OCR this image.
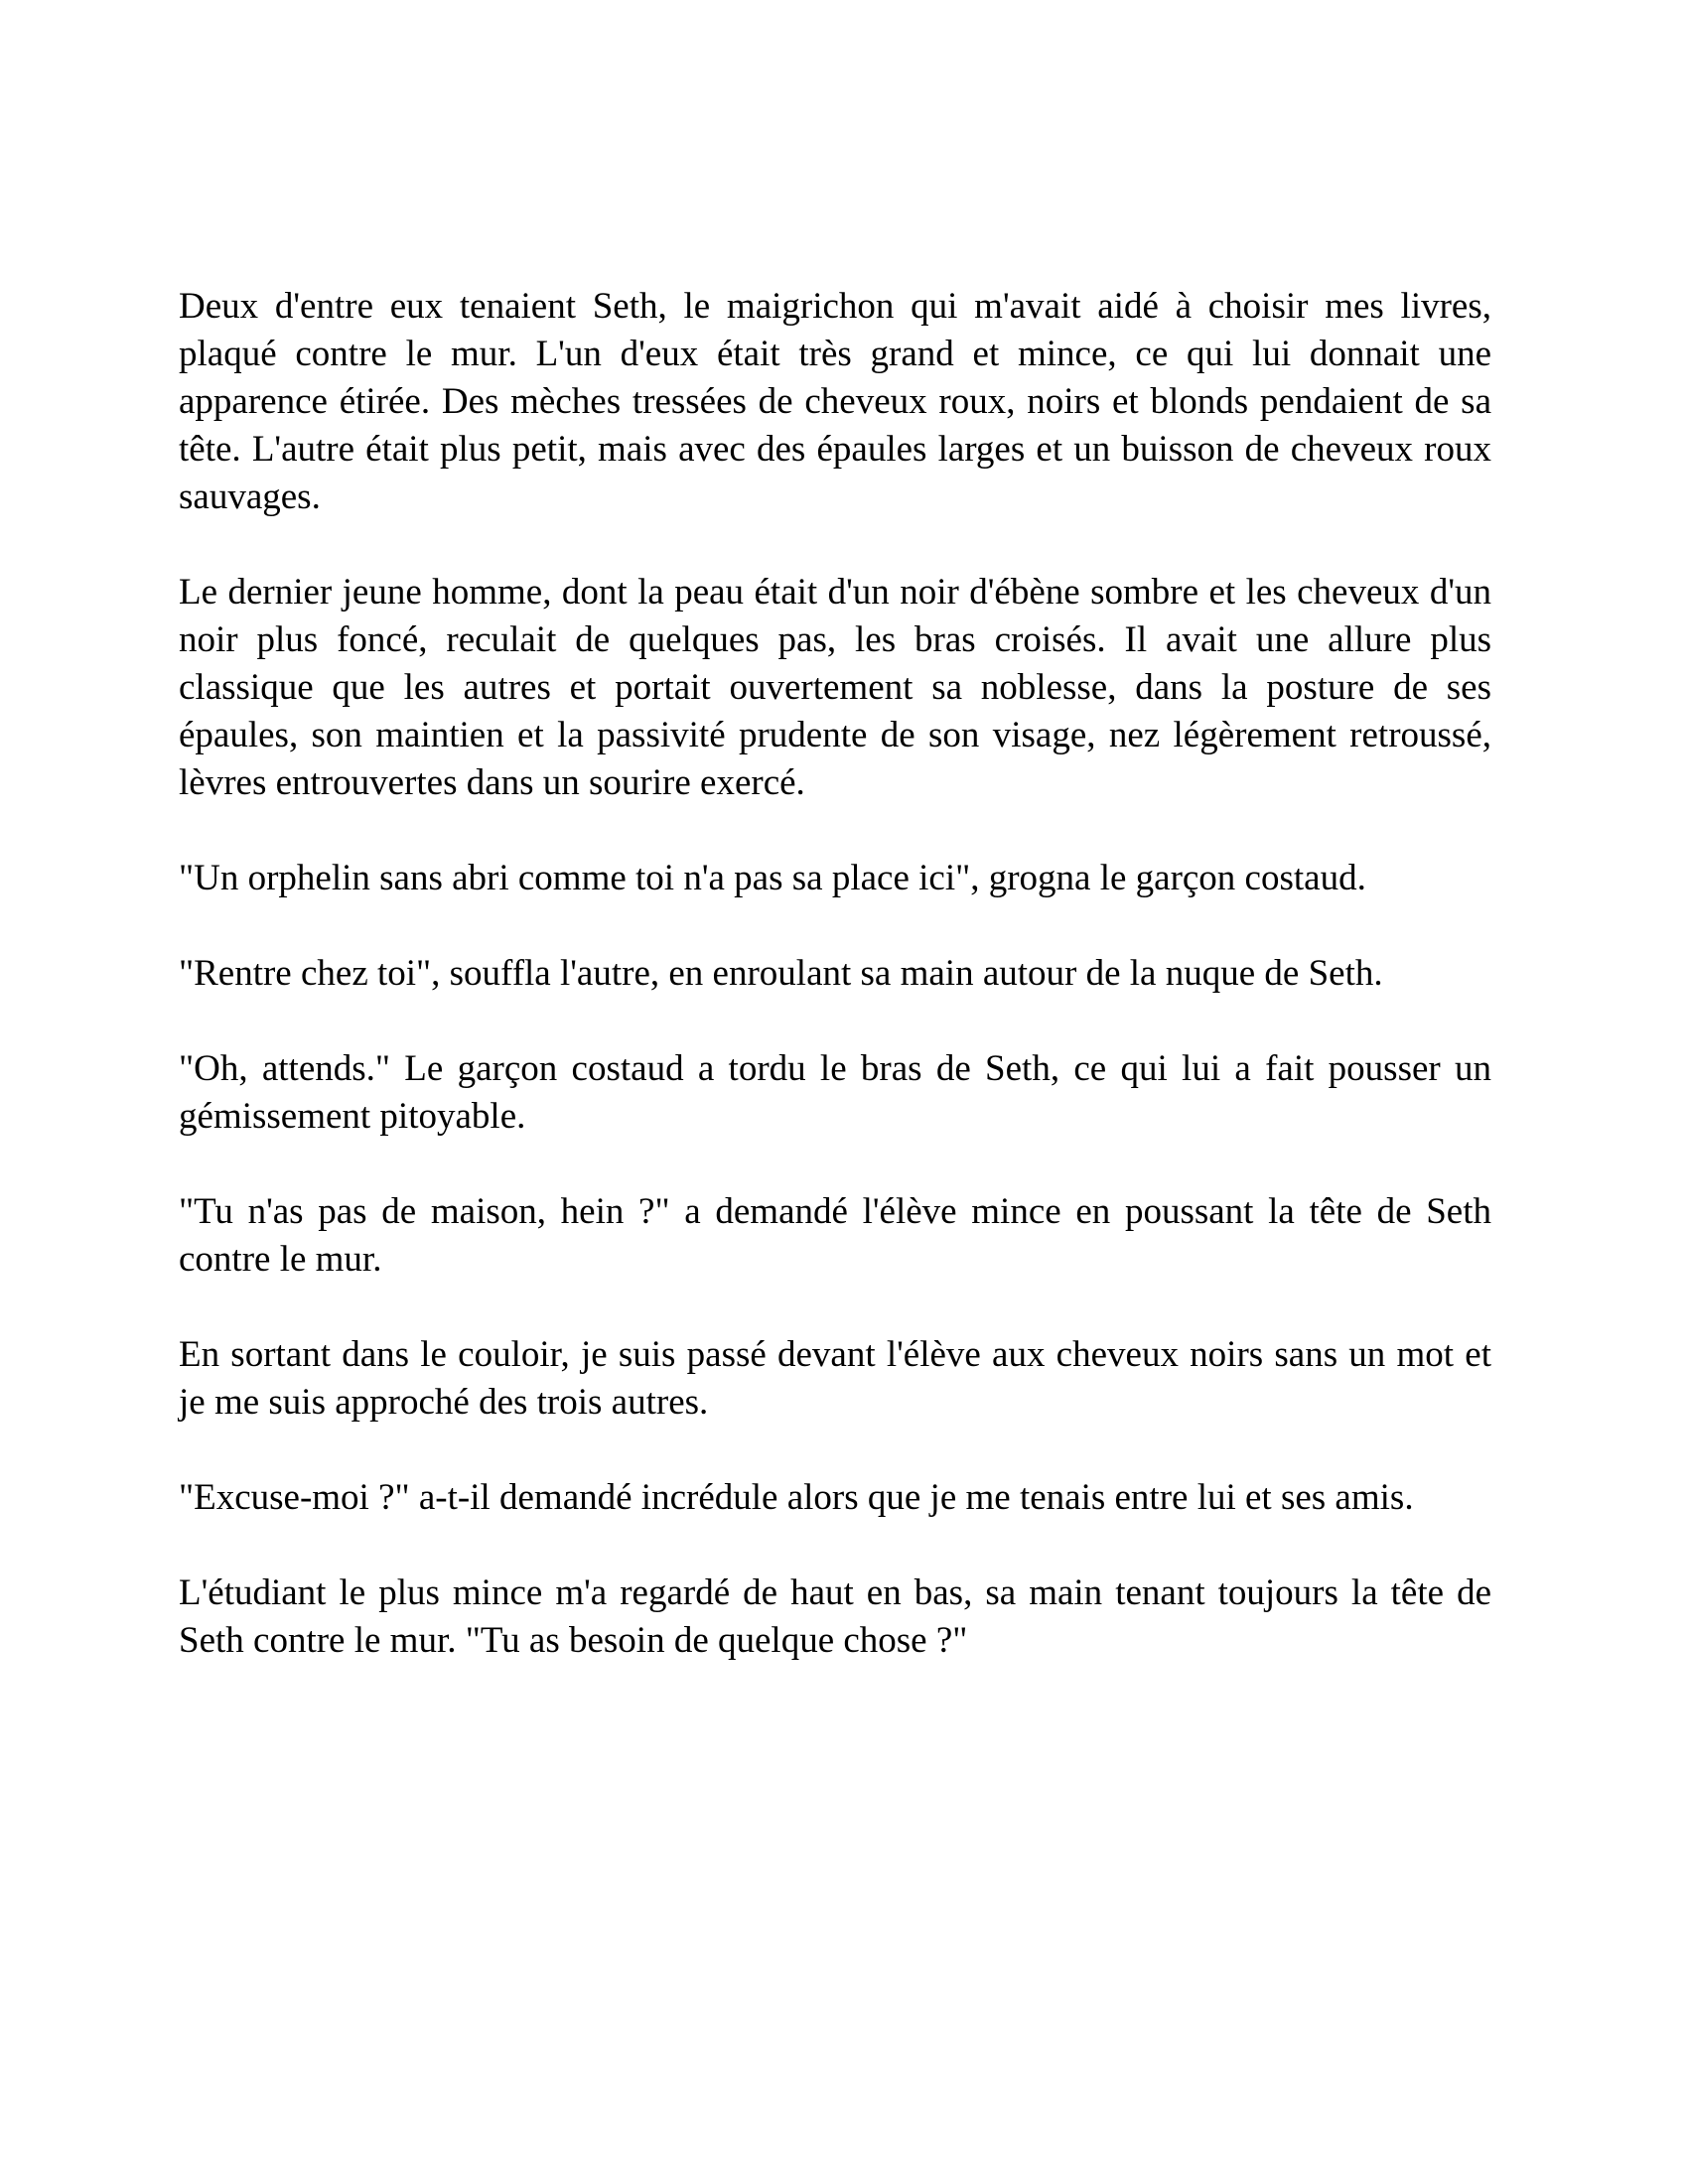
Deux d'entre eux tenaient Seth, le maigrichon qui m'avait aidé à choisir mes livres, plaqué contre le mur. L'un d'eux était très grand et mince, ce qui lui donnait une apparence étirée. Des mèches tressées de cheveux roux, noirs et blonds pendaient de sa tête. L'autre était plus petit, mais avec des épaules larges et un buisson de cheveux roux sauvages.

Le dernier jeune homme, dont la peau était d'un noir d'ébène sombre et les cheveux d'un noir plus foncé, reculait de quelques pas, les bras croisés. Il avait une allure plus classique que les autres et portait ouvertement sa noblesse, dans la posture de ses épaules, son maintien et la passivité prudente de son visage, nez légèrement retroussé, lèvres entrouvertes dans un sourire exercé.

"Un orphelin sans abri comme toi n'a pas sa place ici", grogna le garçon costaud.

"Rentre chez toi", souffla l'autre, en enroulant sa main autour de la nuque de Seth.

"Oh, attends." Le garçon costaud a tordu le bras de Seth, ce qui lui a fait pousser un gémissement pitoyable.

"Tu n'as pas de maison, hein ?" a demandé l'élève mince en poussant la tête de Seth contre le mur.

En sortant dans le couloir, je suis passé devant l'élève aux cheveux noirs sans un mot et je me suis approché des trois autres.

"Excuse-moi ?" a-t-il demandé incrédule alors que je me tenais entre lui et ses amis.

L'étudiant le plus mince m'a regardé de haut en bas, sa main tenant toujours la tête de Seth contre le mur. "Tu as besoin de quelque chose ?"
